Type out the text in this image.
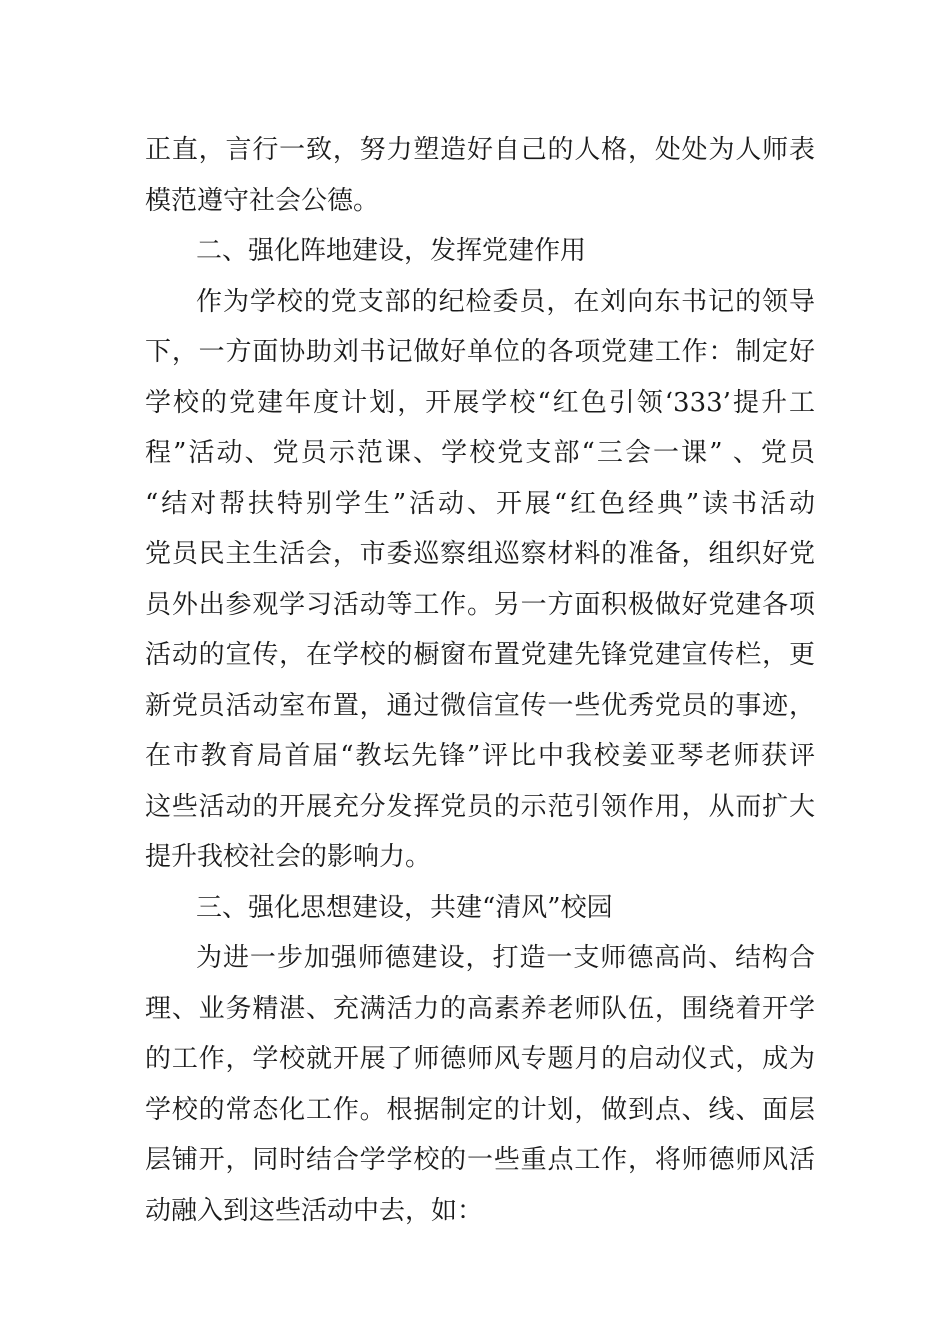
正直，言行一致，努力塑造好自己的人格，处处为人师表
模范遵守社会公德。
二、强化阵地建设，发挥党建作用
作为学校的党支部的纪检委员，在刘向东书记的领导
下，一方面协助刘书记做好单位的各项党建工作：制定好
学校的党建年度计划，开展学校“红色引领‘333’提升工
程”活动、党员示范课、学校党支部“三会一课” 、党员
“结对帮扶特别学生”活动、开展“红色经典”读书活动
党员民主生活会，市委巡察组巡察材料的准备，组织好党
员外出参观学习活动等工作。另一方面积极做好党建各项
活动的宣传，在学校的橱窗布置党建先锋党建宣传栏，更
新党员活动室布置，通过微信宣传一些优秀党员的事迹，
在市教育局首届“教坛先锋”评比中我校姜亚琴老师获评
这些活动的开展充分发挥党员的示范引领作用，从而扩大
提升我校社会的影响力。
三、强化思想建设，共建“清风”校园
为进一步加强师德建设，打造一支师德高尚、结构合
理、业务精湛、充满活力的高素养老师队伍，围绕着开学
的工作，学校就开展了师德师风专题月的启动仪式，成为
学校的常态化工作。根据制定的计划，做到点、线、面层
层铺开，同时结合学学校的一些重点工作，将师德师风活
动融入到这些活动中去，如：
